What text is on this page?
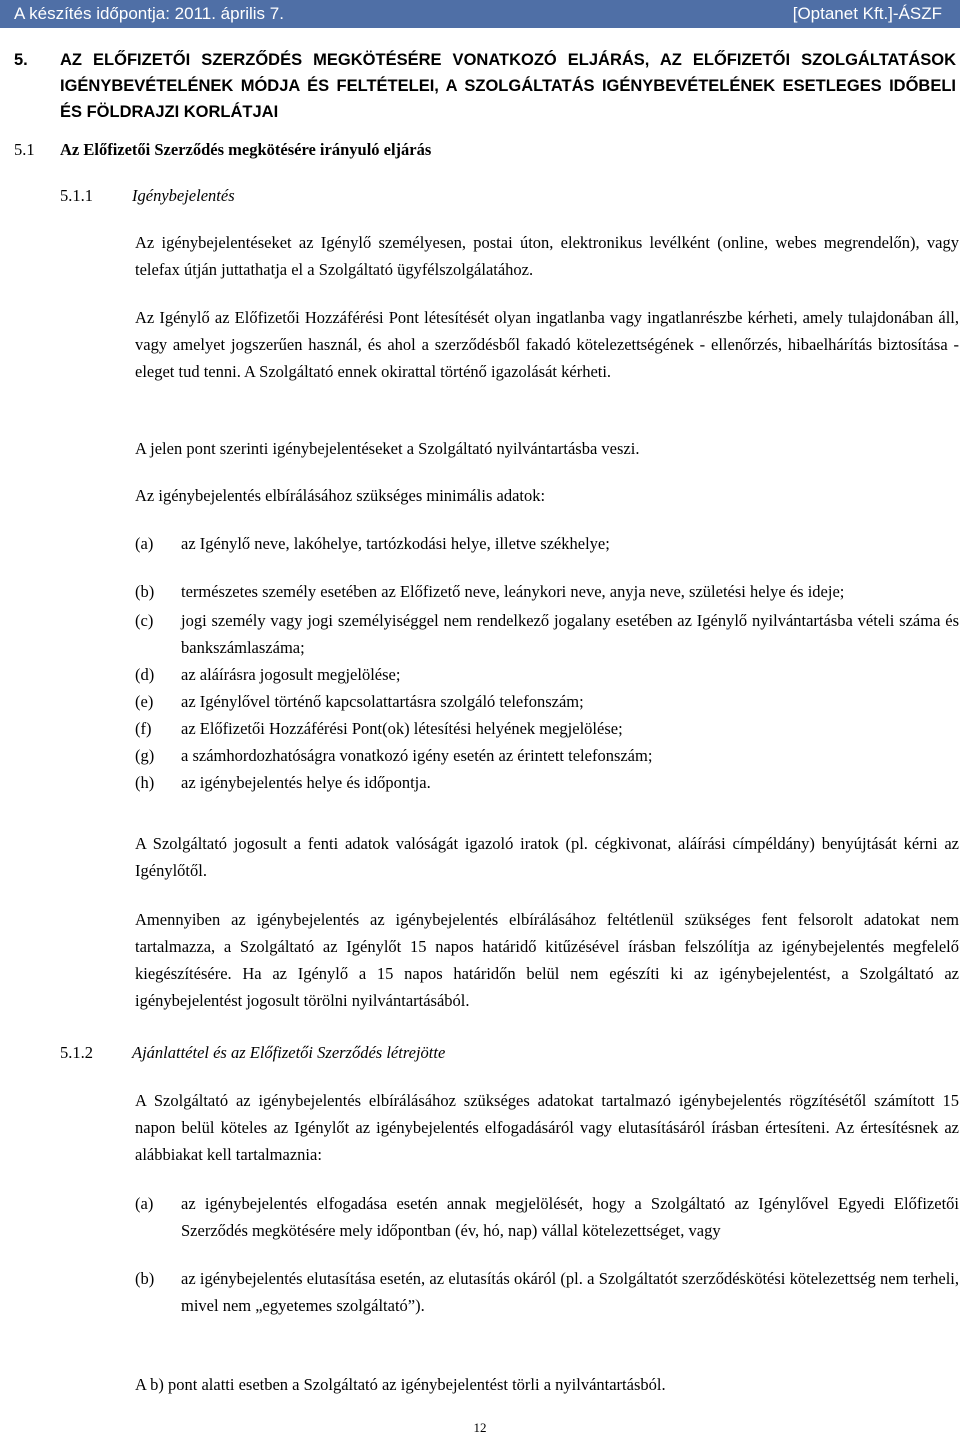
A készítés időpontja: 2011. április 7.	[Optanet Kft.]-ÁSZF
5. AZ ELŐFIZETŐI SZERZŐDÉS MEGKÖTÉSÉRE VONATKOZÓ ELJÁRÁS, AZ ELŐFIZETŐI SZOLGÁLTATÁSOK IGÉNYBEVÉTELÉNEK MÓDJA ÉS FELTÉTELEI, A SZOLGÁLTATÁS IGÉNYBEVÉTELÉNEK ESETLEGES IDŐBELI ÉS FÖLDRAJZI KORLÁTJAI
5.1 Az Előfizetői Szerződés megkötésére irányuló eljárás
5.1.1 Igénybejelentés

Az igénybejelentéseket az Igénylő személyesen, postai úton, elektronikus levélként (online, webes megrendelőn), vagy telefax útján juttathatja el a Szolgáltató ügyfélszolgálatához.

Az Igénylő az Előfizetői Hozzáférési Pont létesítését olyan ingatlanba vagy ingatlanrészbe kérheti, amely tulajdonában áll, vagy amelyet jogszerűen használ, és ahol a szerződésből fakadó kötelezettségének - ellenőrzés, hibaelhárítás biztosítása - eleget tud tenni. A Szolgáltató ennek okirattal történő igazolását kérheti.

A jelen pont szerinti igénybejelentéseket a Szolgáltató nyilvántartásba veszi.

Az igénybejelentés elbírálásához szükséges minimális adatok:

(a) az Igénylő neve, lakóhelye, tartózkodási helye, illetve székhelye;
(b) természetes személy esetében az Előfizető neve, leánykori neve, anyja neve, születési helye és ideje;
(c) jogi személy vagy jogi személyiséggel nem rendelkező jogalany esetében az Igénylő nyilvántartásba vételi száma és bankszámlaszáma;
(d) az aláírásra jogosult megjelölése;
(e) az Igénylővel történő kapcsolattartásra szolgáló telefonszám;
(f) az Előfizetői Hozzáférési Pont(ok) létesítési helyének megjelölése;
(g) a számhordozhatóságra vonatkozó igény esetén az érintett telefonszám;
(h) az igénybejelentés helye és időpontja.

A Szolgáltató jogosult a fenti adatok valóságát igazoló iratok (pl. cégkivonat, aláírási címpéldány) benyújtását kérni az Igénylőtől.

Amennyiben az igénybejelentés az igénybejelentés elbírálásához feltétlenül szükséges fent felsorolt adatokat nem tartalmazza, a Szolgáltató az Igénylőt 15 napos határidő kitűzésével írásban felszólítja az igénybejelentés megfelelő kiegészítésére. Ha az Igénylő a 15 napos határidőn belül nem egészíti ki az igénybejelentést, a Szolgáltató az igénybejelentést jogosult törölni nyilvántartásából.

5.1.2 Ajánlattétel és az Előfizetői Szerződés létrejötte

A Szolgáltató az igénybejelentés elbírálásához szükséges adatokat tartalmazó igénybejelentés rögzítésétől számított 15 napon belül köteles az Igénylőt az igénybejelentés elfogadásáról vagy elutasításáról írásban értesíteni. Az értesítésnek az alábbiakat kell tartalmaznia:

(a) az igénybejelentés elfogadása esetén annak megjelölését, hogy a Szolgáltató az Igénylővel Egyedi Előfizetői Szerződés megkötésére mely időpontban (év, hó, nap) vállal kötelezettséget, vagy
(b) az igénybejelentés elutasítása esetén, az elutasítás okáról (pl. a Szolgáltatót szerződéskötési kötelezettség nem terheli, mivel nem „egyetemes szolgáltató”).

A b) pont alatti esetben a Szolgáltató az igénybejelentést törli a nyilvántartásból.

12
